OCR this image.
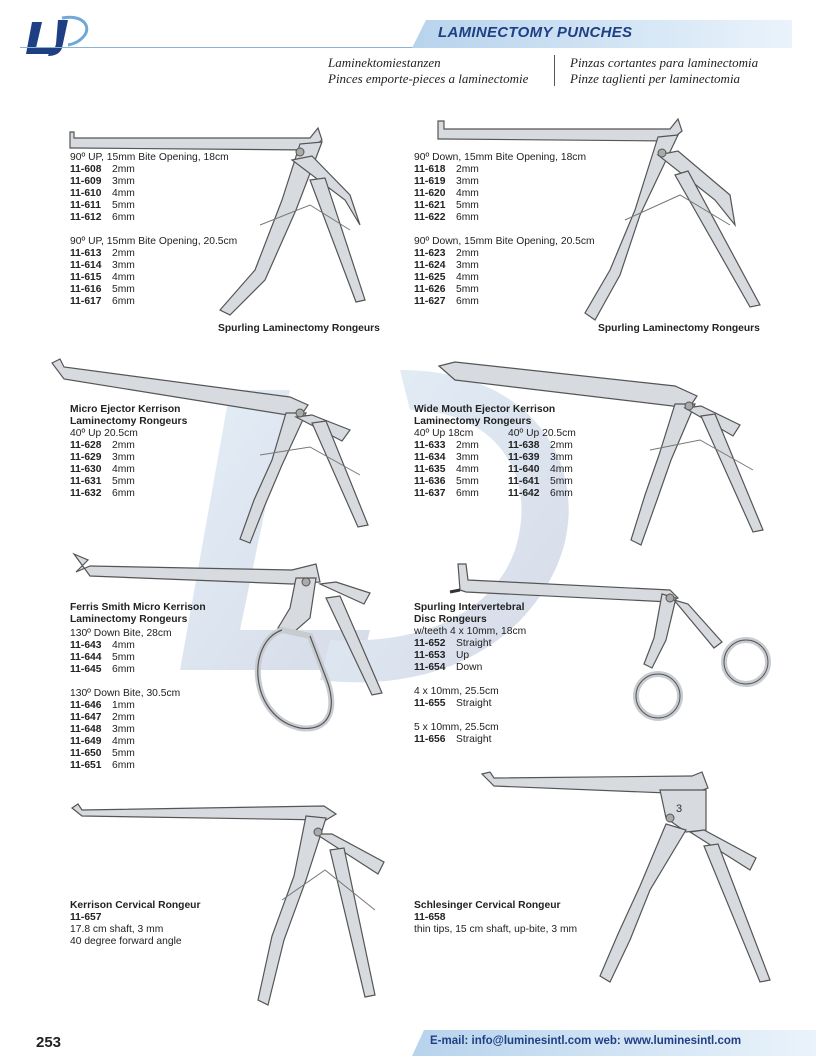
LAMINECTOMY PUNCHES
Laminektomiestanzen	Pinzas cortantes para laminectomia
Pinces emporte-pieces a laminectomie	Pinze taglienti per laminectomia
3
90º UP, 15mm Bite Opening, 18cm
11-608 2mm
11-609 3mm
11-610 4mm
11-611 5mm
11-612 6mm
90º UP, 15mm Bite Opening, 20.5cm
11-613 2mm
11-614 3mm
11-615 4mm
11-616 5mm
11-617 6mm
Spurling Laminectomy Rongeurs
90º Down, 15mm Bite Opening, 18cm
11-618 2mm
11-619 3mm
11-620 4mm
11-621 5mm
11-622 6mm
90º Down, 15mm Bite Opening, 20.5cm
11-623 2mm
11-624 3mm
11-625 4mm
11-626 5mm
11-627 6mm
Spurling Laminectomy Rongeurs
Micro Ejector Kerrison
Laminectomy Rongeurs
40º Up 20.5cm
11-628 2mm
11-629 3mm
11-630 4mm
11-631 5mm
11-632 6mm
Wide Mouth Ejector Kerrison
Laminectomy Rongeurs
40º Up 18cm
11-633 2mm
11-634 3mm
11-635 4mm
11-636 5mm
11-637 6mm
40º Up 20.5cm
11-638 2mm
11-639 3mm
11-640 4mm
11-641 5mm
11-642 6mm
Ferris Smith Micro Kerrison
Laminectomy Rongeurs
130º Down Bite, 28cm
11-643 4mm
11-644 5mm
11-645 6mm
130º Down Bite, 30.5cm
11-646 1mm
11-647 2mm
11-648 3mm
11-649 4mm
11-650 5mm
11-651 6mm
Spurling Intervertebral
Disc Rongeurs
w/teeth 4 x 10mm, 18cm
11-652 Straight
11-653 Up
11-654 Down
4 x 10mm, 25.5cm
11-655 Straight
5 x 10mm, 25.5cm
11-656 Straight
Kerrison Cervical Rongeur
11-657
17.8 cm shaft, 3 mm
40 degree forward angle
Schlesinger Cervical Rongeur
11-658
thin tips, 15 cm shaft, up-bite, 3 mm
253	E-mail: info@luminesintl.com web: www.luminesintl.com
